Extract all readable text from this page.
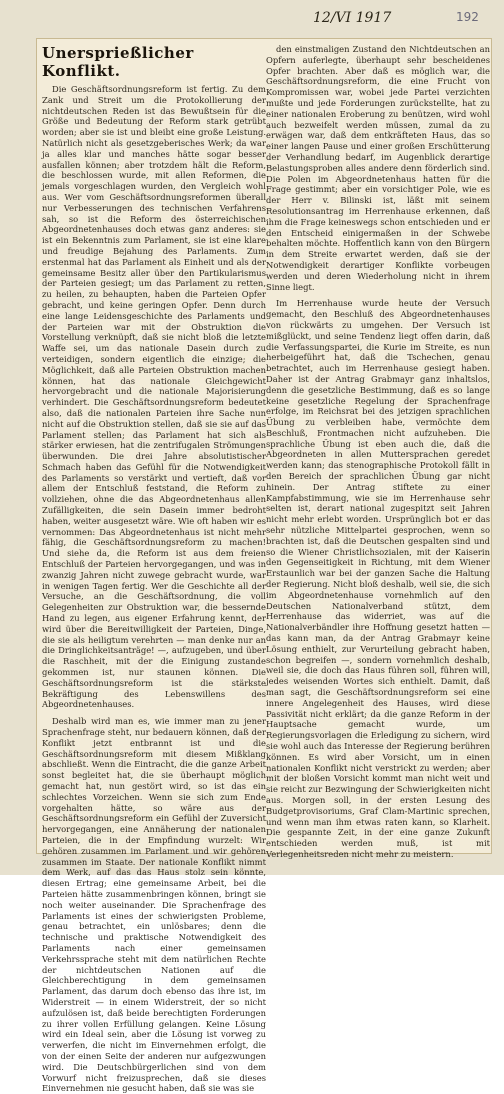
12/VI 1917	192
Unersprießlicher Konflikt.

Die Geschäftsordnungsreform ist fertig. Zu dem Zank und Streit um die Protokollierung der nichtdeutschen Reden ist das Bewußtsein für die Größe und Bedeutung der Reform stark getrübt worden; aber sie ist und bleibt eine große Leistung. Natürlich nicht als gesetzgeberisches Werk; da war ja alles klar und manches hätte sogar besser ausfallen können; aber trotzdem hält die Reform, die beschlossen wurde, mit allen Reformen, die jemals vorgeschlagen wurden, den Vergleich wohl aus. Wer vom Geschäftsordnungsreformen überall nur Verbesserungen des technischen Verfahrens sah, so ist die Reform des österreichischen Abgeordnetenhauses doch etwas ganz anderes: sie ist ein Bekenntnis zum Parlament, sie ist eine klare und freudige Bejahung des Parlaments. Zum erstenmal hat das Parlament als Einheit und als der gemeinsame Besitz aller über den Partikularismus der Parteien gesiegt; um das Parlament zu retten, zu heilen, zu behaupten, haben die Parteien Opfer gebracht, und keine geringen Opfer. Denn durch eine lange Leidensgeschichte des Parlaments und der Parteien war mit der Obstruktion die Vorstellung verknüpft, daß sie nicht bloß die letzte Waffe sei, um das nationale Dasein durch zu verteidigen, sondern eigentlich die einzige; die Möglichkeit, daß alle Parteien Obstruktion machen können, hat das nationale Gleichgewicht hervorgebracht und die nationale Majorisierung verhindert. Die Geschäftsordnungsreform bedeutet also, daß die nationalen Parteien ihre Sache nun nicht auf die Obstruktion stellen, daß sie sie auf das Parlament stellen; das Parlament hat sich als stärker erwiesen, hat die zentrifugalen Strömungen überwunden. Die drei Jahre absolutistischer Schmach haben das Gefühl für die Notwendigkeit des Parlaments so verstärkt und vertieft, daß vor allem der Entschluß feststand, die Reform zu vollziehen, ohne die das Abgeordnetenhaus allen Zufälligkeiten, die sein Dasein immer bedroht haben, weiter ausgesetzt wäre. Wie oft haben wir es vernommen: Das Abgeordnetenhaus ist nicht mehr fähig, die Geschäftsordnungsreform zu machen! Und siehe da, die Reform ist aus dem freien Entschluß der Parteien hervorgegangen, und was in zwanzig Jahren nicht zuwege gebracht wurde, war in wenigen Tagen fertig. Wer die Geschichte all der Versuche, an die Geschäftsordnung, die voll Gelegenheiten zur Obstruktion war, die bessernde Hand zu legen, aus eigener Erfahrung kennt, der wird über die Bereitwilligkeit der Parteien, Dinge, die sie als heiligtum verehrten — man denke nur an die Dringlichkeitsanträge! —, aufzugeben, und über die Raschheit, mit der die Einigung zustande gekommen ist, nur staunen können. Die Geschäftsordnungsreform ist die stärkste Bekräftigung des Lebenswillens des Abgeordnetenhauses.

Deshalb wird man es, wie immer man zu jener Sprachenfrage steht, nur bedauern können, daß der Konflikt jetzt entbrannt ist und die Geschäftsordnungsreform mit diesem Mißklang abschließt. Wenn die Eintracht, die die ganze Arbeit sonst begleitet hat, die sie überhaupt möglich gemacht hat, nun gestört wird, so ist das ein schlechtes Vorzeichen. Wenn sie sich zum Ende vorgehalten hätte, so wäre aus der Geschäftsordnungsreform ein Gefühl der Zuversicht hervorgegangen, eine Annäherung der nationalen Parteien, die in der Empfindung wurzelt: Wir gehören zusammen im Parlament und wir gehören zusammen im Staate. Der nationale Konflikt nimmt dem Werk, auf das das Haus stolz sein könnte, diesen Ertrag; eine gemeinsame Arbeit, bei die Parteien hätte zusammenbringen können, bringt sie noch weiter auseinander. Die Sprachenfrage des Parlaments ist eines der schwierigsten Probleme, genau betrachtet, ein unlösbares; denn die technische und praktische Notwendigkeit des Parlaments nach einer gemeinsamen Verkehrssprache steht mit dem natürlichen Rechte der nichtdeutschen Nationen auf die Gleichberechtigung in dem gemeinsamen Parlament, das darum doch ebenso das ihre ist, im Widerstreit — in einem Widerstreit, der so nicht aufzulösen ist, daß beide berechtigten Forderungen zu ihrer vollen Erfüllung gelangen. Keine Lösung wird ein Ideal sein, aber die Lösung ist vorweg zu verwerfen, die nicht im Einvernehmen erfolgt, die von der einen Seite der anderen nur aufgezwungen wird. Die Deutschbürgerlichen sind von dem Vorwurf nicht freizusprechen, daß sie dieses Einvernehmen nie gesucht haben, daß sie was sie

den einstmaligen Zustand den Nichtdeutschen an Opfern auferlegte, überhaupt sehr bescheidenes Opfer brachten. Aber daß es möglich war, die Geschäftsordnungsreform, die eine Frucht von Kompromissen war, wobei jede Partei verzichten mußte und jede Forderungen zurückstellte, hat zu einer nationalen Eroberung zu benützen, wird wohl auch bezweifelt werden müssen, zumal da zu erwägen war, daß dem entkräfteten Haus, das so einer langen Pause und einer großen Erschütterung der Verhandlung bedarf, im Augenblick derartige Belastungsproben alles andere denn förderlich sind. Die Polen im Abgeordnetenhaus hatten für die Frage gestimmt; aber ein vorsichtiger Pole, wie es der Herr v. Bilinski ist, läßt mit seinem Resolutionsantrag im Herrenhause erkennen, daß ihm die Frage keineswegs schon entschieden und er den Entscheid einigermaßen in der Schwebe behalten möchte. Hoffentlich kann von den Bürgern in dem Streite erwartet werden, daß sie der Notwendigkeit derartiger Konflikte vorbeugen werden und deren Wiederholung nicht in ihrem Sinne liegt.

Im Herrenhause wurde heute der Versuch gemacht, den Beschluß des Abgeordnetenhauses von rückwärts zu umgehen. Der Versuch ist mißglückt, und seine Tendenz liegt offen darin, daß die Verfassungspartei, die Kurie im Streite, es nun herbeigeführt hat, daß die Tschechen, genau betrachtet, auch im Herrenhause gesiegt haben. Daher ist der Antrag Grabmayr ganz inhaltslos, denn die gesetzliche Bestimmung, daß es so lange keine gesetzliche Regelung der Sprachenfrage erfolge, im Reichsrat bei des jetzigen sprachlichen Übung zu verbleiben habe, vermöchte dem Beschluß, Frontmachen nicht aufzuheben. Die sprachliche Übung ist eben auch die, daß die Abgeordneten in allen Muttersprachen geredet werden kann; das stenographische Protokoll fällt in den Bereich der sprachlichen Übung gar nicht hinein. Der Antrag stiftete zu einer Kampfabstimmung, wie sie im Herrenhause sehr selten ist, derart national zugespitzt seit Jahren nicht mehr erlebt worden. Ursprünglich bot er das sehr nützliche Mittelpartei gesprochen, wenn so brachten ist, daß die Deutschen gespalten sind und so die Wiener Christlichsozialen, mit der Kaiserin den Gegenseitigkeit in Richtung, mit dem Wiener Erstaunlich war bei der ganzen Sache die Haltung der Regierung. Nicht bloß deshalb, weil sie, die sich im Abgeordnetenhause vornehmlich auf den Deutschen Nationalverband stützt, dem Herrenhause das widerriet, was auf die Nationalverbändler ihre Hoffnung gesetzt hatten — das kann man, da der Antrag Grabmayr keine Lösung enthielt, zur Verurteilung gebracht haben, schon begreifen —, sondern vornehmlich deshalb, weil sie, die doch das Haus führen soll, führen will, jedes weisenden Wortes sich enthielt. Damit, daß man sagt, die Geschäftsordnungsreform sei eine innere Angelegenheit des Hauses, wird diese Passivität nicht erklärt; da die ganze Reform in der Hauptsache gemacht wurde, um Regierungsvorlagen die Erledigung zu sichern, wird sie wohl auch das Interesse der Regierung berühren können. Es wird aber Vorsicht, um in einen nationalen Konflikt nicht verstrickt zu werden; aber mit der bloßen Vorsicht kommt man nicht weit und sie reicht zur Bezwingung der Schwierigkeiten nicht aus. Morgen soll, in der ersten Lesung des Budgetprovisoriums, Graf Clam-Martinic sprechen, und wenn man ihm etwas raten kann, so Klarheit. Die gespannte Zeit, in der eine ganze Zukunft entschieden werden muß, ist mit Verlegenheitsreden nicht mehr zu meistern.
